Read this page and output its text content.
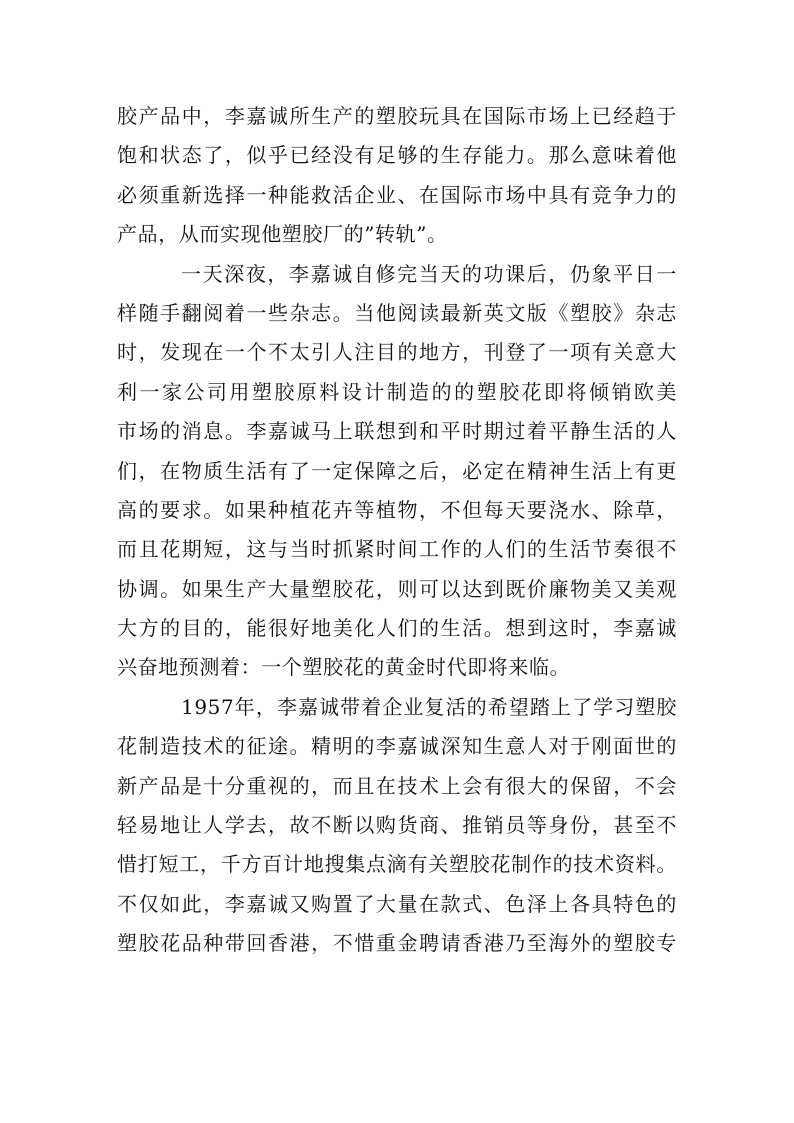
胶产品中，李嘉诚所生产的塑胶玩具在国际市场上已经趋于
饱和状态了，似乎已经没有足够的生存能力。那么意味着他
必须重新选择一种能救活企业、在国际市场中具有竞争力的
产品，从而实现他塑胶厂的”转轨”。
一天深夜，李嘉诚自修完当天的功课后，仍象平日一
样随手翻阅着一些杂志。当他阅读最新英文版《塑胶》杂志
时，发现在一个不太引人注目的地方，刊登了一项有关意大
利一家公司用塑胶原料设计制造的的塑胶花即将倾销欧美
市场的消息。李嘉诚马上联想到和平时期过着平静生活的人
们，在物质生活有了一定保障之后，必定在精神生活上有更
高的要求。如果种植花卉等植物，不但每天要浇水、除草，
而且花期短，这与当时抓紧时间工作的人们的生活节奏很不
协调。如果生产大量塑胶花，则可以达到既价廉物美又美观
大方的目的，能很好地美化人们的生活。想到这时，李嘉诚
兴奋地预测着：一个塑胶花的黄金时代即将来临。
1957年，李嘉诚带着企业复活的希望踏上了学习塑胶
花制造技术的征途。精明的李嘉诚深知生意人对于刚面世的
新产品是十分重视的，而且在技术上会有很大的保留，不会
轻易地让人学去，故不断以购货商、推销员等身份，甚至不
惜打短工，千方百计地搜集点滴有关塑胶花制作的技术资料。
不仅如此，李嘉诚又购置了大量在款式、色泽上各具特色的
塑胶花品种带回香港，不惜重金聘请香港乃至海外的塑胶专
